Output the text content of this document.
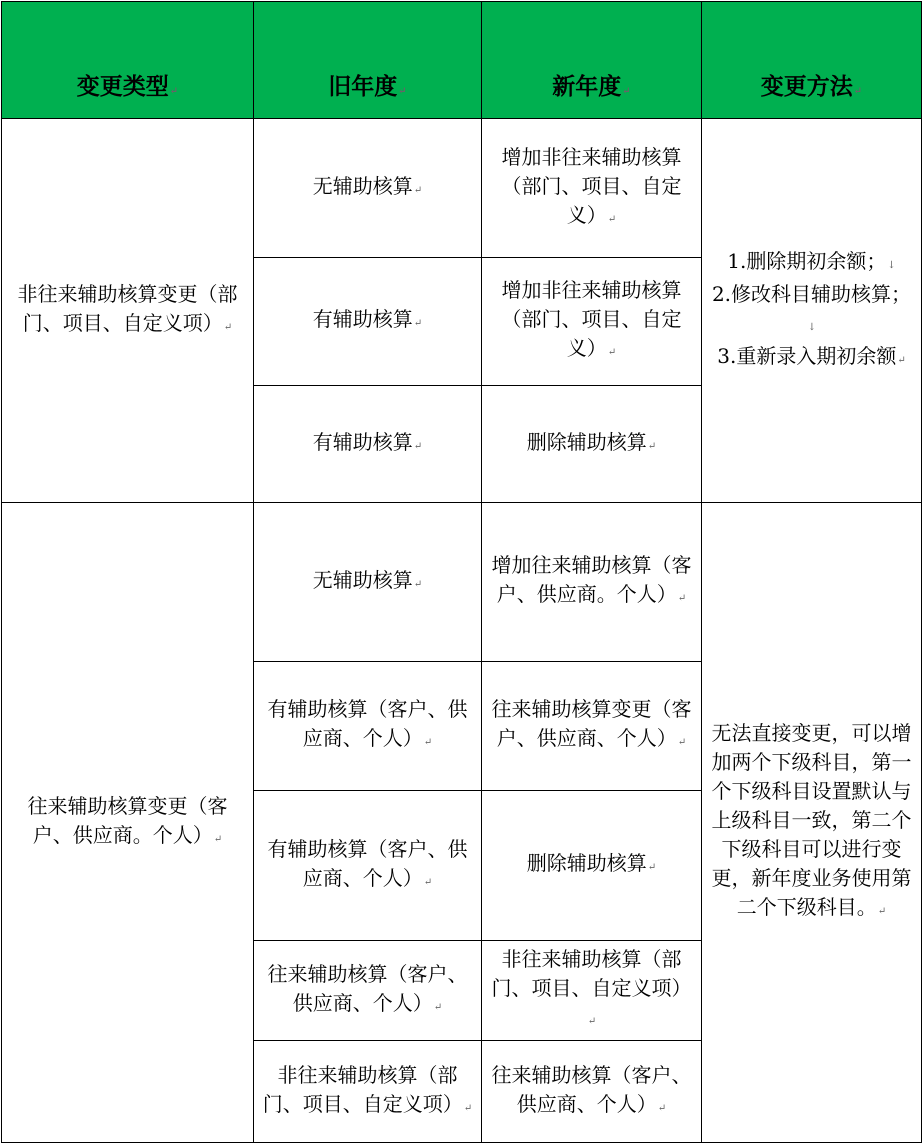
变更类型↵	旧年度↵	新年度↵	变更方法↵
非往来辅助核算变更（部门、项目、自定义项）↵	无辅助核算↵	增加非往来辅助核算（部门、项目、自定义）↵	1.删除期初余额；↓
2.修改科目辅助核算；↓
3.重新录入期初余额↵

	有辅助核算↵	增加非往来辅助核算（部门、项目、自定义）↵	
	有辅助核算↵	删除辅助核算↵	
往来辅助核算变更（客户、供应商。个人）↵	无辅助核算↵	增加往来辅助核算（客户、供应商。个人）↵	无法直接变更，可以增加两个下级科目，第一个下级科目设置默认与上级科目一致，第二个下级科目可以进行变更，新年度业务使用第二个下级科目。↵
	有辅助核算（客户、供应商、个人）↵	往来辅助核算变更（客户、供应商、个人）↵	
	有辅助核算（客户、供应商、个人）↵	删除辅助核算↵	
	往来辅助核算（客户、供应商、个人）↵	非往来辅助核算（部门、项目、自定义项）↵	
	非往来辅助核算（部门、项目、自定义项）↵	往来辅助核算（客户、供应商、个人）↵	
